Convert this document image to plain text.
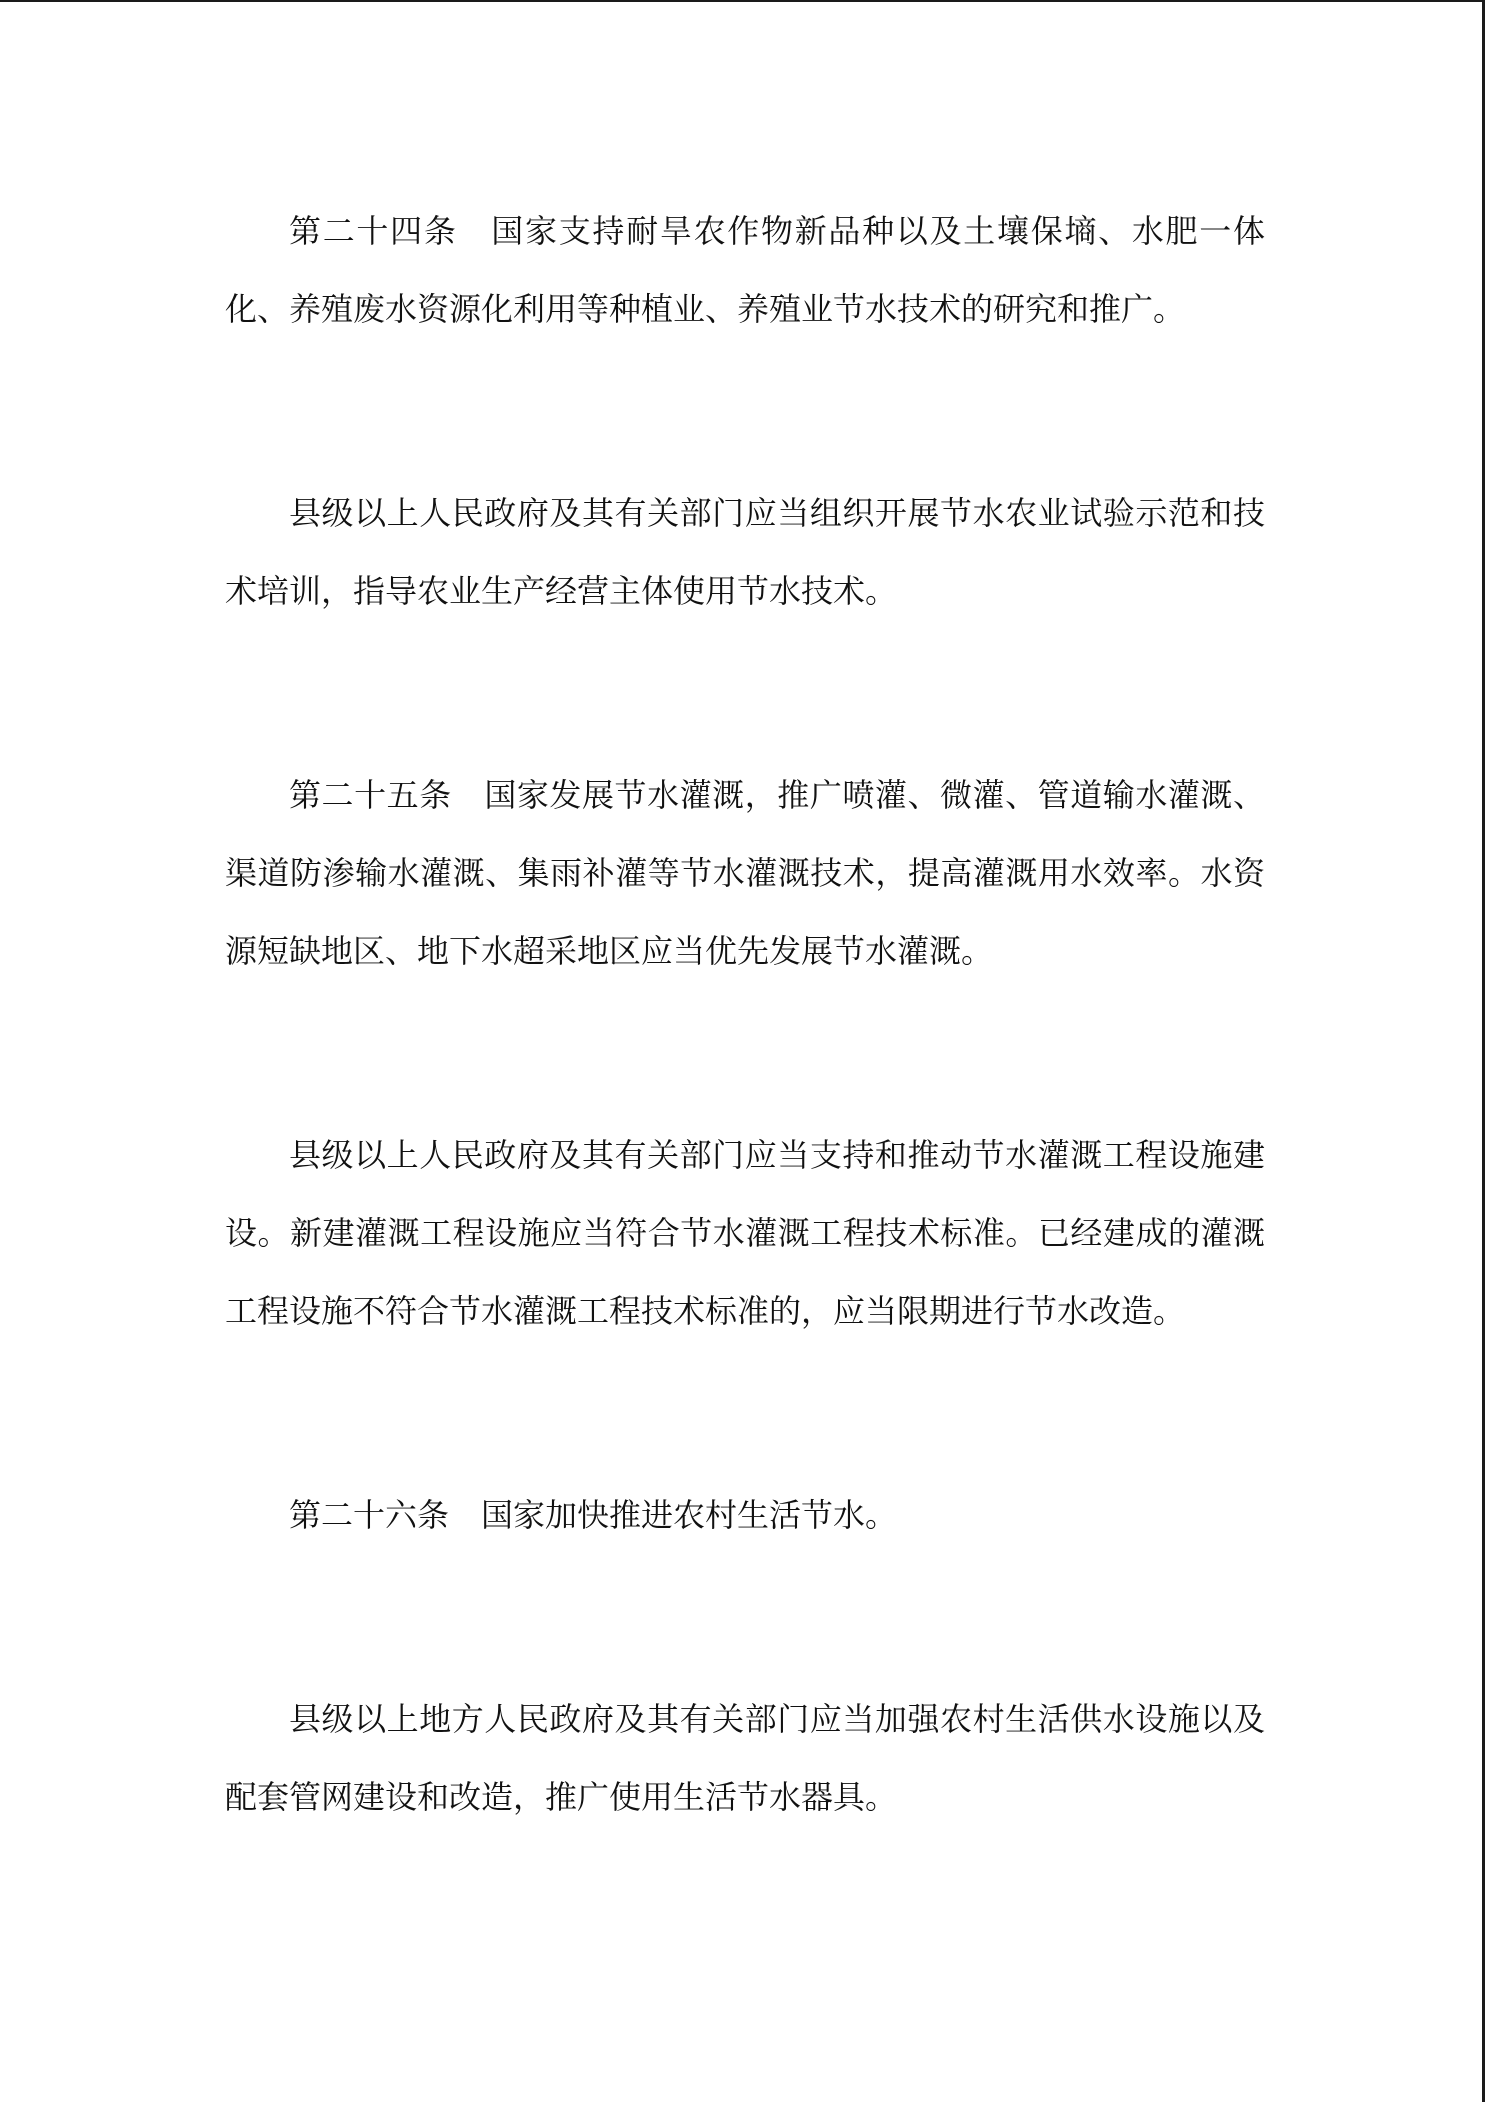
第二十四条 国家支持耐旱农作物新品种以及土壤保墒、水肥一体化、养殖废水资源化利用等种植业、养殖业节水技术的研究和推广。

县级以上人民政府及其有关部门应当组织开展节水农业试验示范和技术培训，指导农业生产经营主体使用节水技术。

第二十五条 国家发展节水灌溉，推广喷灌、微灌、管道输水灌溉、渠道防渗输水灌溉、集雨补灌等节水灌溉技术，提高灌溉用水效率。水资源短缺地区、地下水超采地区应当优先发展节水灌溉。

县级以上人民政府及其有关部门应当支持和推动节水灌溉工程设施建设。新建灌溉工程设施应当符合节水灌溉工程技术标准。已经建成的灌溉工程设施不符合节水灌溉工程技术标准的，应当限期进行节水改造。

第二十六条 国家加快推进农村生活节水。

县级以上地方人民政府及其有关部门应当加强农村生活供水设施以及配套管网建设和改造，推广使用生活节水器具。
